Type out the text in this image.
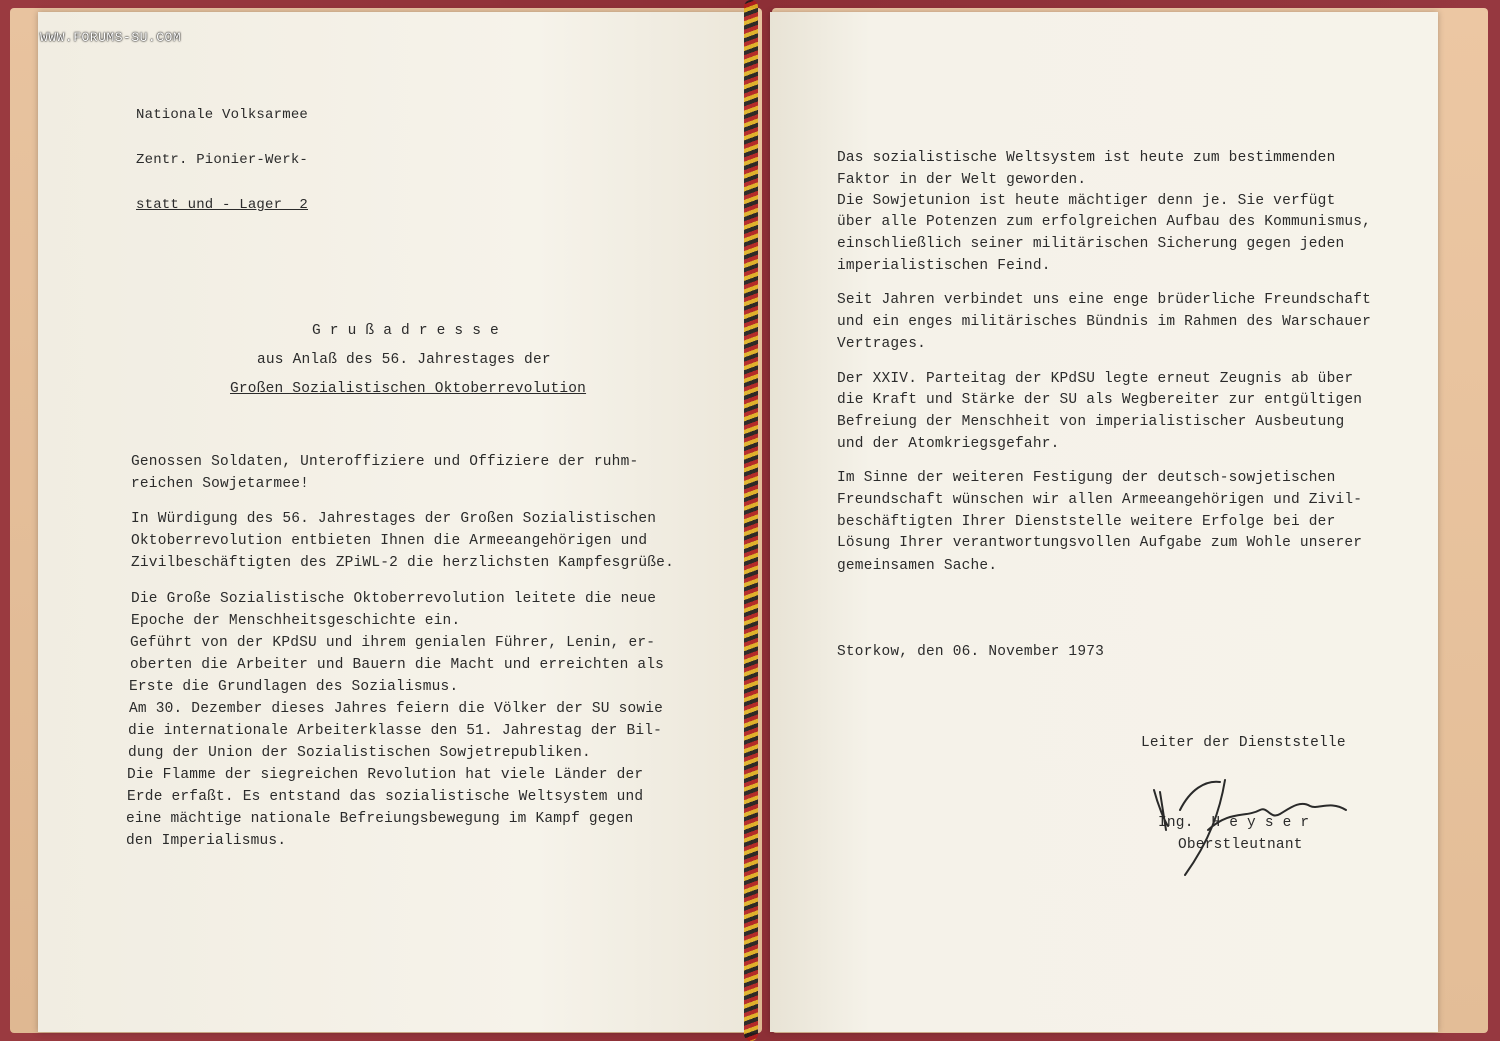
WWW.FORUMS-SU.COM

Nationale Volksarmee

Zentr. Pionier-Werk-

statt und - Lager  2

G r u ß a d r e s s e
aus Anlaß des 56. Jahrestages der
Großen Sozialistischen Oktoberrevolution
Genossen Soldaten, Unteroffiziere und Offiziere der ruhm-
reichen Sowjetarmee!
In Würdigung des 56. Jahrestages der Großen Sozialistischen
Oktoberrevolution entbieten Ihnen die Armeeangehörigen und
Zivilbeschäftigten des ZPiWL-2 die herzlichsten Kampfesgrüße.
Die Große Sozialistische Oktoberrevolution leitete die neue
Epoche der Menschheitsgeschichte ein.
Geführt von der KPdSU und ihrem genialen Führer, Lenin, er-
oberten die Arbeiter und Bauern die Macht und erreichten als
Erste die Grundlagen des Sozialismus.
Am 30. Dezember dieses Jahres feiern die Völker der SU sowie
die internationale Arbeiterklasse den 51. Jahrestag der Bil-
dung der Union der Sozialistischen Sowjetrepubliken.
Die Flamme der siegreichen Revolution hat viele Länder der
Erde erfaßt. Es entstand das sozialistische Weltsystem und
eine mächtige nationale Befreiungsbewegung im Kampf gegen
den Imperialismus.
Das sozialistische Weltsystem ist heute zum bestimmenden
Faktor in der Welt geworden.
Die Sowjetunion ist heute mächtiger denn je. Sie verfügt
über alle Potenzen zum erfolgreichen Aufbau des Kommunismus,
einschließlich seiner militärischen Sicherung gegen jeden
imperialistischen Feind.
Seit Jahren verbindet uns eine enge brüderliche Freundschaft
und ein enges militärisches Bündnis im Rahmen des Warschauer
Vertrages.
Der XXIV. Parteitag der KPdSU legte erneut Zeugnis ab über
die Kraft und Stärke der SU als Wegbereiter zur entgültigen
Befreiung der Menschheit von imperialistischer Ausbeutung
und der Atomkriegsgefahr.
Im Sinne der weiteren Festigung der deutsch-sowjetischen
Freundschaft wünschen wir allen Armeeangehörigen und Zivil-
beschäftigten Ihrer Dienststelle weitere Erfolge bei der
Lösung Ihrer verantwortungsvollen Aufgabe zum Wohle unserer
gemeinsamen Sache.
Storkow, den 06. November 1973
Leiter der Dienststelle
Ing.  H e y s e r
Oberstleutnant
